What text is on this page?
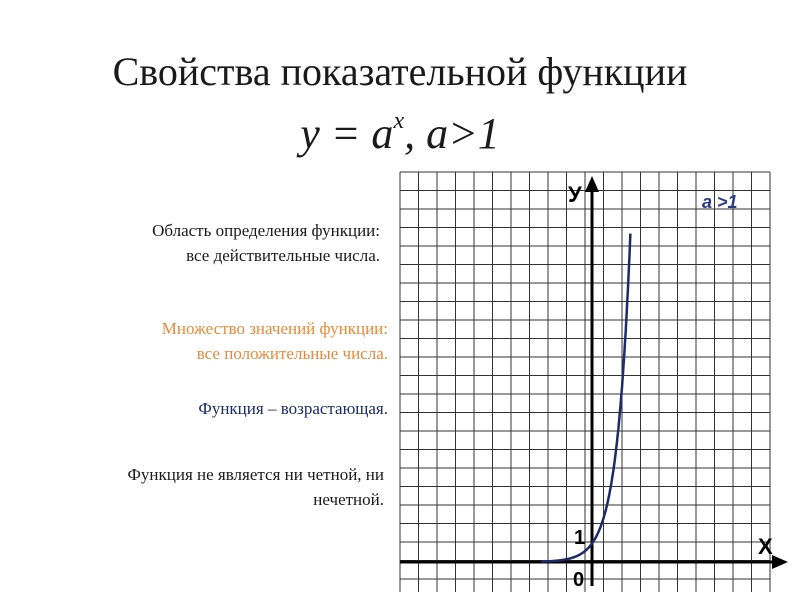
Свойства показательной функции
$y = a^x$, a>1
Область определения функции:
все действительные числа.
Множество значений функции:
все положительные числа.
Функция – возрастающая.
Функция не является ни четной, ни
нечетной.
У
Х
1
0
a >1
